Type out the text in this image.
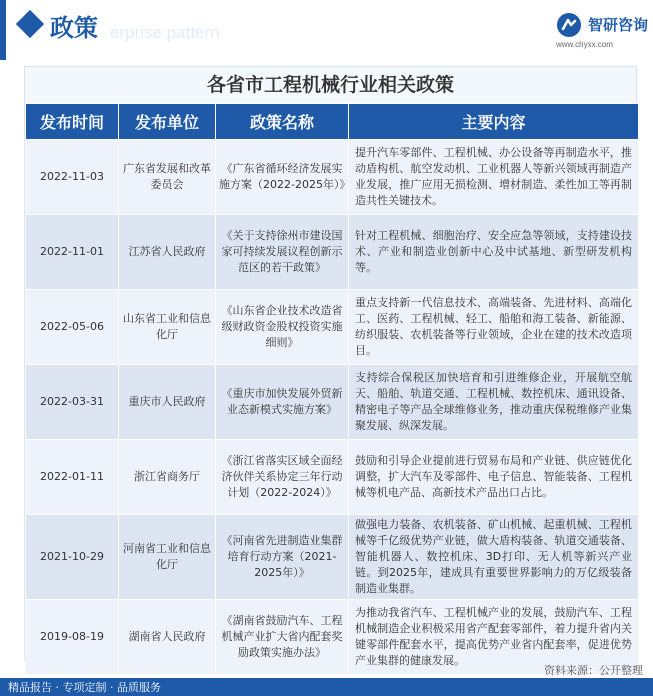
erprise pattern
政策	智研咨询
www.chyxx.com
各省市工程机械行业相关政策
发布时间	发布单位	政策名称	主要内容
2022-11-03	广东省发展和改革委员会	《广东省循环经济发展实施方案（2022-2025年）》	提升汽车零部件、工程机械、办公设备等再制造水平，推动盾构机、航空发动机、工业机器人等新兴领域再制造产业发展，推广应用无损检测、增材制造、柔性加工等再制造共性关键技术。
2022-11-01	江苏省人民政府	《关于支持徐州市建设国家可持续发展议程创新示范区的若干政策》	针对工程机械、细胞治疗、安全应急等领域，支持建设技术、产业和制造业创新中心及中试基地、新型研发机构等。
2022-05-06	山东省工业和信息化厅	《山东省企业技术改造省级财政资金股权投资实施细则》	重点支持新一代信息技术、高端装备、先进材料、高端化工、医药、工程机械、轻工、船舶和海工装备、新能源、纺织服装、农机装备等行业领域，企业在建的技术改造项目。
2022-03-31	重庆市人民政府	《重庆市加快发展外贸新业态新模式实施方案》	支持综合保税区加快培育和引进维修企业，开展航空航天、船舶、轨道交通、工程机械、数控机床、通讯设备、精密电子等产品全球维修业务，推动重庆保税维修产业集聚发展、纵深发展。
2022-01-11	浙江省商务厅	《浙江省落实区域全面经济伙伴关系协定三年行动计划（2022-2024）》	鼓励和引导企业提前进行贸易布局和产业链、供应链优化调整，扩大汽车及零部件、电子信息、智能装备、工程机械等机电产品、高新技术产品出口占比。
2021-10-29	河南省工业和信息化厅	《河南省先进制造业集群培育行动方案（2021-2025年）》	做强电力装备、农机装备、矿山机械、起重机械、工程机械等千亿级优势产业链，做大盾构装备、轨道交通装备、智能机器人、数控机床、3D打印、无人机等新兴产业链。到2025年，建成具有重要世界影响力的万亿级装备制造业集群。
2019-08-19	湖南省人民政府	《湖南省鼓励汽车、工程机械产业扩大省内配套奖励政策实施办法》	为推动我省汽车、工程机械产业的发展，鼓励汽车、工程机械制造企业积极采用省产配套零部件，着力提升省内关键零部件配套水平，提高优势产业省内配套率，促进优势产业集群的健康发展。
资料来源：公开整理
精品报告 · 专项定制 · 品质服务
